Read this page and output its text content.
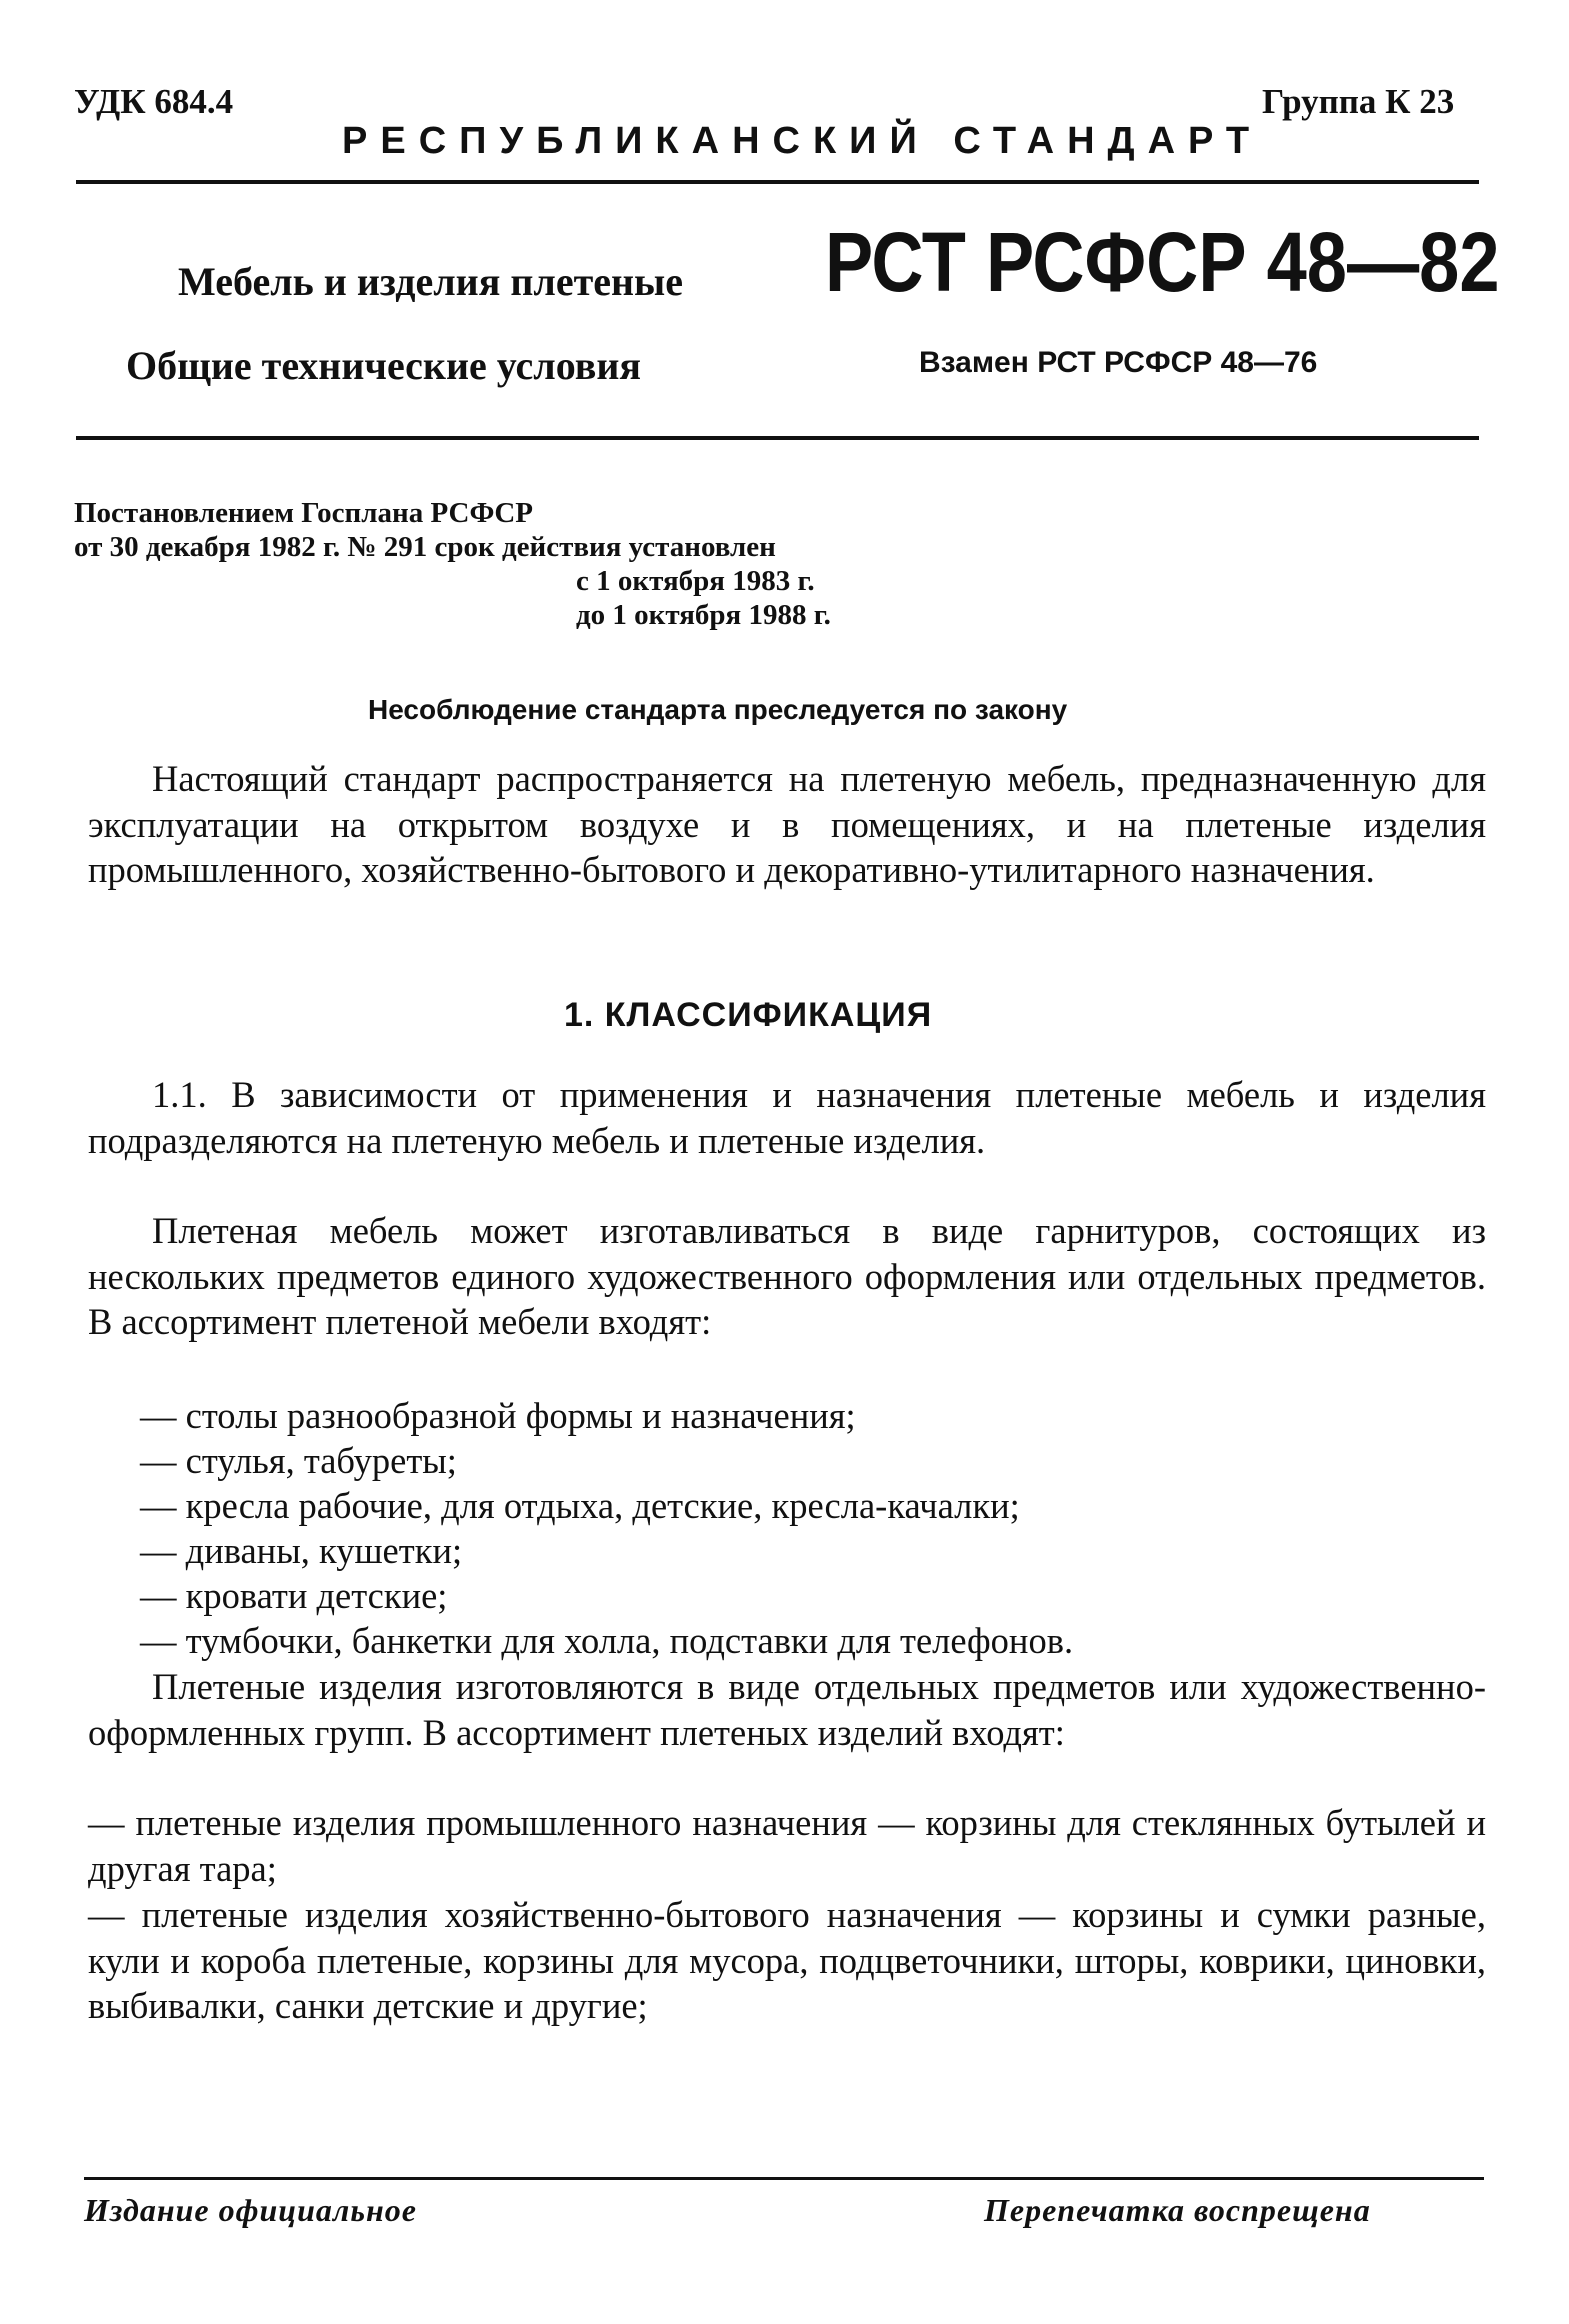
УДК 684.4	Группа К 23

РЕСПУБЛИКАНСКИЙ СТАНДАРТ

Мебель и изделия плетеные РСТ РСФСР 48—82

Общие технические условия	Взамен РСТ РСФСР 48—76

Постановлением Госплана РСФСР

от 30 декабря 1982 г. № 291 срок действия установлен

с 1 октября 1983 г.

до 1 октября 1988 г.

Несоблюдение стандарта преследуется по закону

Настоящий стандарт распространяется на плетеную мебель, предназначенную для эксплуатации на открытом воздухе и в помещениях, и на плетеные изделия промышленного, хозяйственно-бытового и декоративно-утилитарного назначения.

1. КЛАССИФИКАЦИЯ

1.1. В зависимости от применения и назначения плетеные мебель и изделия подразделяются на плетеную мебель и плетеные изделия.

Плетеная мебель может изготавливаться в виде гарнитуров, состоящих из нескольких предметов единого художественного оформления или отдельных предметов. В ассортимент плетеной мебели входят:

— столы разнообразной формы и назначения;

— стулья, табуреты;

— кресла рабочие, для отдыха, детские, кресла-качалки;

— диваны, кушетки;

— кровати детские;

— тумбочки, банкетки для холла, подставки для телефонов.

Плетеные изделия изготовляются в виде отдельных предметов или художественно-оформленных групп. В ассортимент плетеных изделий входят:

— плетеные изделия промышленного назначения — корзины для стеклянных бутылей и другая тара;

— плетеные изделия хозяйственно-бытового назначения — корзины и сумки разные, кули и короба плетеные, корзины для мусора, подцветочники, шторы, коврики, циновки, выбивалки, санки детские и другие;

Издание официальное	Перепечатка воспрещена
